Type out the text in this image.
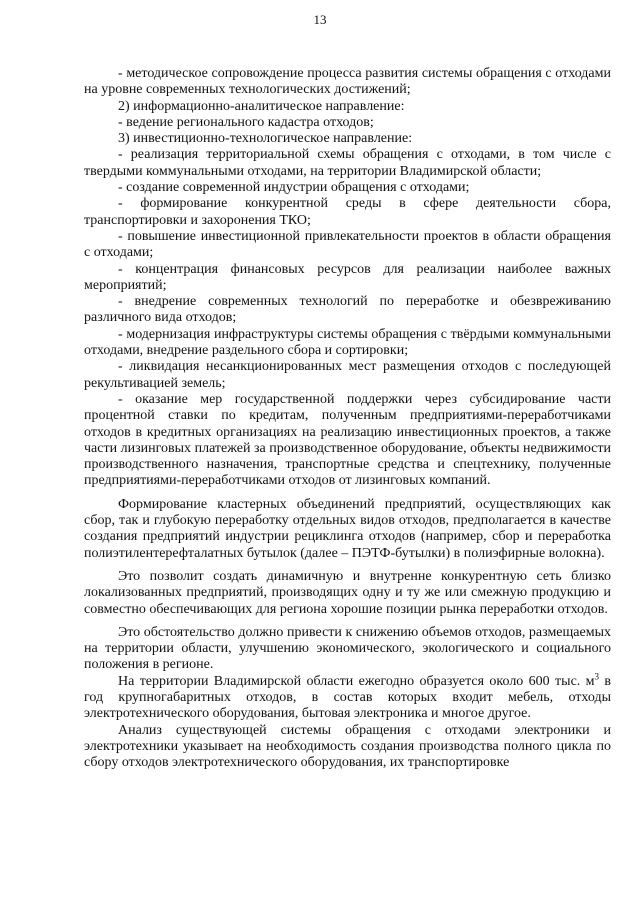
13

- методическое сопровождение процесса развития системы обращения с отходами на уровне современных технологических достижений;

2) информационно-аналитическое направление:

- ведение регионального кадастра отходов;

3) инвестиционно-технологическое направление:

- реализация территориальной схемы обращения с отходами, в том числе с твердыми коммунальными отходами, на территории Владимирской области;

- создание современной индустрии обращения с отходами;

- формирование конкурентной среды в сфере деятельности сбора, транспортировки и захоронения ТКО;

- повышение инвестиционной привлекательности проектов в области обращения с отходами;

- концентрация финансовых ресурсов для реализации наиболее важных мероприятий;

- внедрение современных технологий по переработке и обезвреживанию различного вида отходов;

- модернизация инфраструктуры системы обращения с твёрдыми коммунальными отходами, внедрение раздельного сбора и сортировки;

- ликвидация несанкционированных мест размещения отходов с последующей рекультивацией земель;

- оказание мер государственной поддержки через субсидирование части процентной ставки по кредитам, полученным предприятиями-переработчиками отходов в кредитных организациях на реализацию инвестиционных проектов, а также части лизинговых платежей за производственное оборудование, объекты недвижимости производственного назначения, транспортные средства и спецтехнику, полученные предприятиями-переработчиками отходов от лизинговых компаний.

Формирование кластерных объединений предприятий, осуществляющих как сбор, так и глубокую переработку отдельных видов отходов, предполагается в качестве создания предприятий индустрии рециклинга отходов (например, сбор и переработка полиэтилентерефталатных бутылок (далее – ПЭТФ-бутылки) в полиэфирные волокна).

Это позволит создать динамичную и внутренне конкурентную сеть близко локализованных предприятий, производящих одну и ту же или смежную продукцию и совместно обеспечивающих для региона хорошие позиции рынка переработки отходов.

Это обстоятельство должно привести к снижению объемов отходов, размещаемых на территории области, улучшению экономического, экологического и социального положения в регионе.

На территории Владимирской области ежегодно образуется около 600 тыс. $м^3$ в год крупногабаритных отходов, в состав которых входит мебель, отходы электротехнического оборудования, бытовая электроника и многое другое.

Анализ существующей системы обращения с отходами электроники и электротехники указывает на необходимость создания производства полного цикла по сбору отходов электротехнического оборудования, их транспортировке
